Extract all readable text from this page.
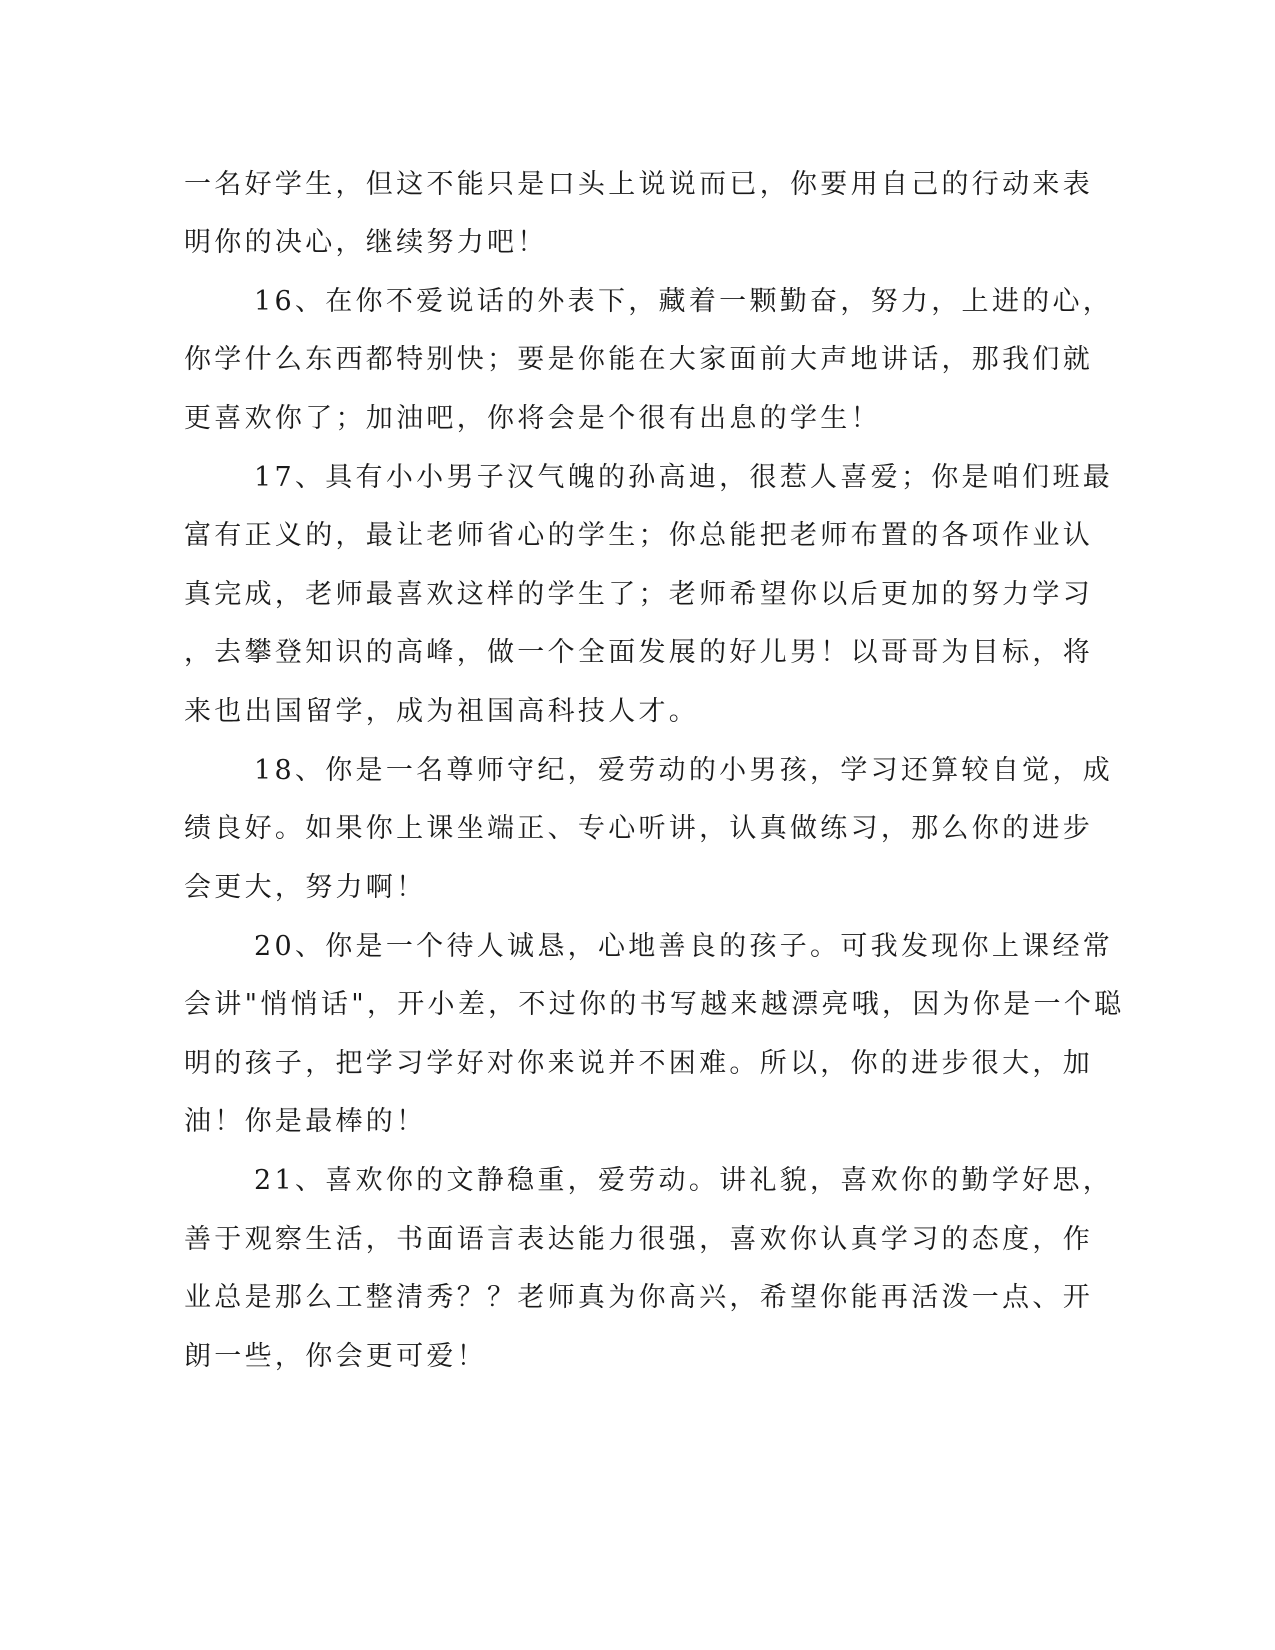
一名好学生，但这不能只是口头上说说而已，你要用自己的行动来表
明你的决心，继续努力吧！
16、在你不爱说话的外表下，藏着一颗勤奋，努力，上进的心，
你学什么东西都特别快；要是你能在大家面前大声地讲话，那我们就
更喜欢你了；加油吧，你将会是个很有出息的学生！
17、具有小小男子汉气魄的孙高迪，很惹人喜爱；你是咱们班最
富有正义的，最让老师省心的学生；你总能把老师布置的各项作业认
真完成，老师最喜欢这样的学生了；老师希望你以后更加的努力学习
，去攀登知识的高峰，做一个全面发展的好儿男！以哥哥为目标，将
来也出国留学，成为祖国高科技人才。
18、你是一名尊师守纪，爱劳动的小男孩，学习还算较自觉，成
绩良好。如果你上课坐端正、专心听讲，认真做练习，那么你的进步
会更大，努力啊！
20、你是一个待人诚恳，心地善良的孩子。可我发现你上课经常
会讲"悄悄话"，开小差，不过你的书写越来越漂亮哦，因为你是一个聪
明的孩子，把学习学好对你来说并不困难。所以，你的进步很大，加
油！你是最棒的！
21、喜欢你的文静稳重，爱劳动。讲礼貌，喜欢你的勤学好思，
善于观察生活，书面语言表达能力很强，喜欢你认真学习的态度，作
业总是那么工整清秀？？老师真为你高兴，希望你能再活泼一点、开
朗一些，你会更可爱！
